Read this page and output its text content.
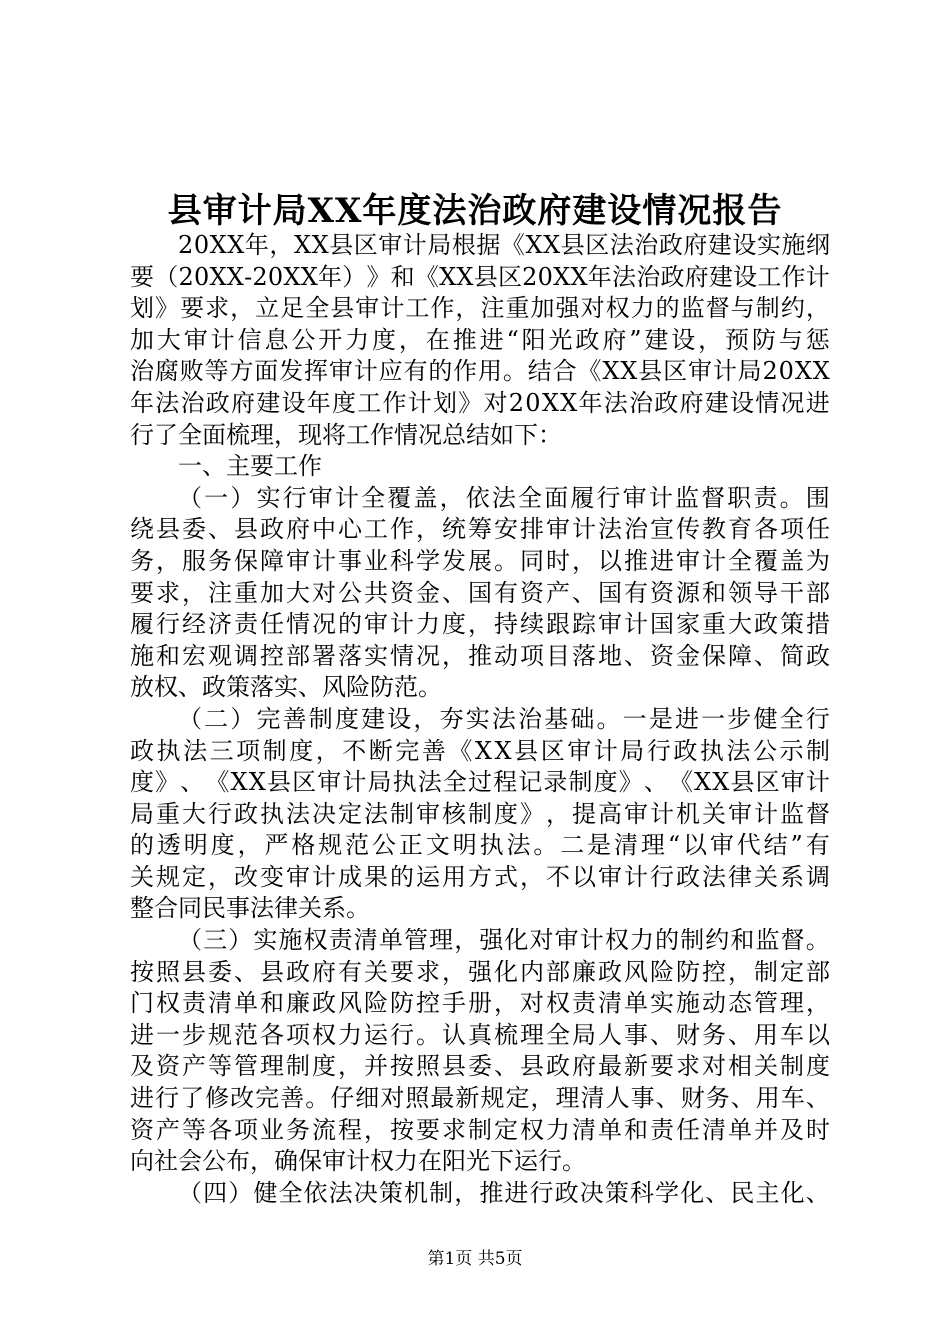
县审计局XX年度法治政府建设情况报告
2 0 X X 年 ， X X 县 区 审 计 局 根 据 《 X X 县 区 法 治 政 府 建 设 实 施 纲
要 （ 2 0 X X - 2 0 X X 年 ） 》 和 《 X X 县 区 2 0 X X 年 法 治 政 府 建 设 工 作 计
划 》 要 求 ， 立 足 全 县 审 计 工 作 ， 注 重 加 强 对 权 力 的 监 督 与 制 约 ，
加 大 审 计 信 息 公 开 力 度 ， 在 推 进 “ 阳 光 政 府 ” 建 设 ， 预 防 与 惩
治 腐 败 等 方 面 发 挥 审 计 应 有 的 作 用 。 结 合 《 X X 县 区 审 计 局 2 0 X X
年 法 治 政 府 建 设 年 度 工 作 计 划 》 对 2 0 X X 年 法 治 政 府 建 设 情 况 进
行了全面梳理，现将工作情况总结如下：
一、主要工作
（ 一 ） 实 行 审 计 全 覆 盖 ， 依 法 全 面 履 行 审 计 监 督 职 责 。 围
绕 县 委 、 县 政 府 中 心 工 作 ， 统 筹 安 排 审 计 法 治 宣 传 教 育 各 项 任
务 ， 服 务 保 障 审 计 事 业 科 学 发 展 。 同 时 ， 以 推 进 审 计 全 覆 盖 为
要 求 ， 注 重 加 大 对 公 共 资 金 、 国 有 资 产 、 国 有 资 源 和 领 导 干 部
履 行 经 济 责 任 情 况 的 审 计 力 度 ， 持 续 跟 踪 审 计 国 家 重 大 政 策 措
施 和 宏 观 调 控 部 署 落 实 情 况 ， 推 动 项 目 落 地 、 资 金 保 障 、 简 政
放权、政策落实、风险防范。
（ 二 ） 完 善 制 度 建 设 ， 夯 实 法 治 基 础 。 一 是 进 一 步 健 全 行
政 执 法 三 项 制 度 ， 不 断 完 善 《 X X 县 区 审 计 局 行 政 执 法 公 示 制
度 》 、 《 X X 县 区 审 计 局 执 法 全 过 程 记 录 制 度 》 、 《 X X 县 区 审 计
局 重 大 行 政 执 法 决 定 法 制 审 核 制 度 》 ， 提 高 审 计 机 关 审 计 监 督
的 透 明 度 ， 严 格 规 范 公 正 文 明 执 法 。 二 是 清 理 “ 以 审 代 结 ” 有
关 规 定 ， 改 变 审 计 成 果 的 运 用 方 式 ， 不 以 审 计 行 政 法 律 关 系 调
整合同民事法律关系。
（ 三 ） 实 施 权 责 清 单 管 理 ， 强 化 对 审 计 权 力 的 制 约 和 监 督 。
按 照 县 委 、 县 政 府 有 关 要 求 ， 强 化 内 部 廉 政 风 险 防 控 ， 制 定 部
门 权 责 清 单 和 廉 政 风 险 防 控 手 册 ， 对 权 责 清 单 实 施 动 态 管 理 ，
进 一 步 规 范 各 项 权 力 运 行 。 认 真 梳 理 全 局 人 事 、 财 务 、 用 车 以
及 资 产 等 管 理 制 度 ， 并 按 照 县 委 、 县 政 府 最 新 要 求 对 相 关 制 度
进 行 了 修 改 完 善 。 仔 细 对 照 最 新 规 定 ， 理 清 人 事 、 财 务 、 用 车 、
资 产 等 各 项 业 务 流 程 ， 按 要 求 制 定 权 力 清 单 和 责 任 清 单 并 及 时
向社会公布，确保审计权力在阳光下运行。
（ 四 ） 健 全 依 法 决 策 机 制 ， 推 进 行 政 决 策 科 学 化 、 民 主 化 、
第1页 共5页
